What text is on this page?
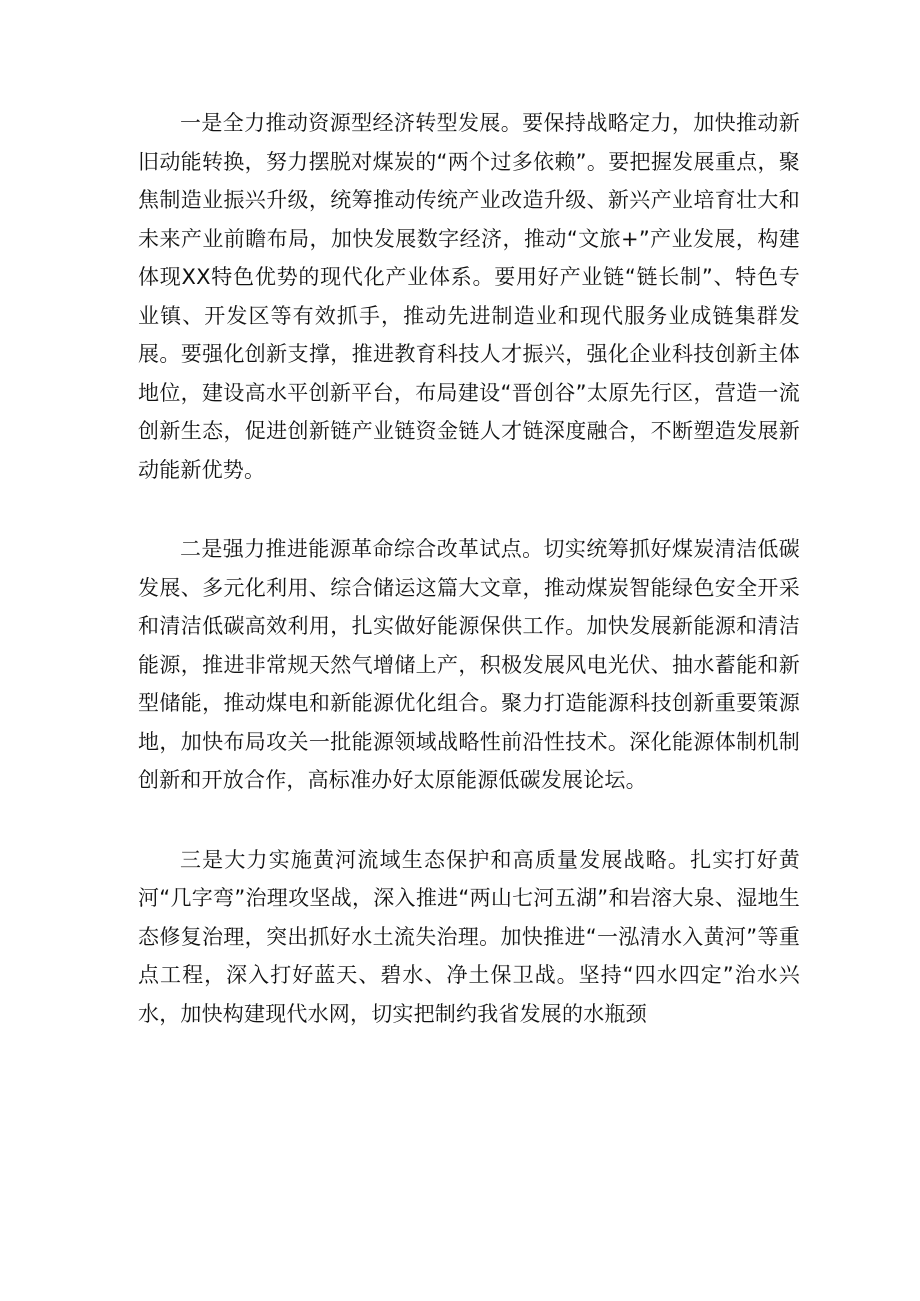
一是全力推动资源型经济转型发展。要保持战略定力，加快推动新旧动能转换，努力摆脱对煤炭的“两个过多依赖”。要把握发展重点，聚焦制造业振兴升级，统筹推动传统产业改造升级、新兴产业培育壮大和未来产业前瞻布局，加快发展数字经济，推动“文旅+”产业发展，构建体现XX特色优势的现代化产业体系。要用好产业链“链长制”、特色专业镇、开发区等有效抓手，推动先进制造业和现代服务业成链集群发展。要强化创新支撑，推进教育科技人才振兴，强化企业科技创新主体地位，建设高水平创新平台，布局建设“晋创谷”太原先行区，营造一流创新生态，促进创新链产业链资金链人才链深度融合，不断塑造发展新动能新优势。

二是强力推进能源革命综合改革试点。切实统筹抓好煤炭清洁低碳发展、多元化利用、综合储运这篇大文章，推动煤炭智能绿色安全开采和清洁低碳高效利用，扎实做好能源保供工作。加快发展新能源和清洁能源，推进非常规天然气增储上产，积极发展风电光伏、抽水蓄能和新型储能，推动煤电和新能源优化组合。聚力打造能源科技创新重要策源地，加快布局攻关一批能源领域战略性前沿性技术。深化能源体制机制创新和开放合作，高标准办好太原能源低碳发展论坛。

三是大力实施黄河流域生态保护和高质量发展战略。扎实打好黄河“几字弯”治理攻坚战，深入推进“两山七河五湖”和岩溶大泉、湿地生态修复治理，突出抓好水土流失治理。加快推进“一泓清水入黄河”等重点工程，深入打好蓝天、碧水、净土保卫战。坚持“四水四定”治水兴水，加快构建现代水网，切实把制约我省发展的水瓶颈
